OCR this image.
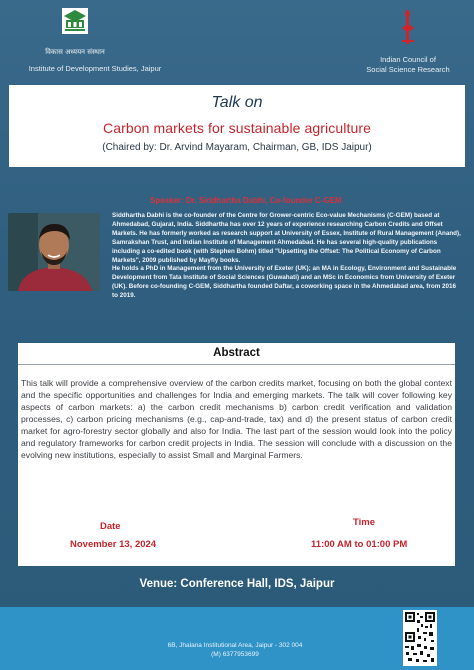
विकास अध्ययन संस्थान
Institute of Development Studies, Jaipur
Indian Council of
Social Science Research
Talk on
Carbon markets for sustainable agriculture
(Chaired by: Dr. Arvind Mayaram, Chairman, GB, IDS Jaipur)
Speaker: Dr. Siddhartha Dabhi, Co-founder C-GEM

Siddhartha Dabhi is the co-founder of the Centre for Grower-centric Eco-value Mechanisms (C-GEM) based at Ahmedabad, Gujarat, India. Siddhartha has over 12 years of experience researching Carbon Credits and Offset Markets. He has formerly worked as research support at University of Essex, Institute of Rural Management (Anand), Samrakshan Trust, and Indian Institute of Management Ahmedabad. He has several high-quality publications including a co-edited book (with Stephen Bohm) titled "Upsetting the Offset: The Political Economy of Carbon Markets", 2009 published by Mayfly books.

He holds a PhD in Management from the University of Exeter (UK); an MA in Ecology, Environment and Sustainable Development from Tata Institute of Social Sciences (Guwahati) and an MSc in Economics from University of Exeter (UK). Before co-founding C-GEM, Siddhartha founded Daftar, a coworking space in the Ahmedabad area, from 2016 to 2019.

Abstract
This talk will provide a comprehensive overview of the carbon credits market, focusing on both the global context and the specific opportunities and challenges for India and emerging markets. The talk will cover following key aspects of carbon markets: a) the carbon credit mechanisms b) carbon credit verification and validation processes, c) carbon pricing mechanisms (e.g., cap-and-trade, tax) and d) the present status of carbon credit market for agro-forestry sector globally and also for India. The last part of the session would look into the policy and regulatory frameworks for carbon credit projects in India. The session will conclude with a discussion on the evolving new institutions, especially to assist Small and Marginal Farmers.
Date
November 13, 2024
Time
11:00 AM to 01:00 PM
Venue: Conference Hall, IDS, Jaipur
6B, Jhalana Institutional Area, Jaipur - 302 004
(M) 6377953699
